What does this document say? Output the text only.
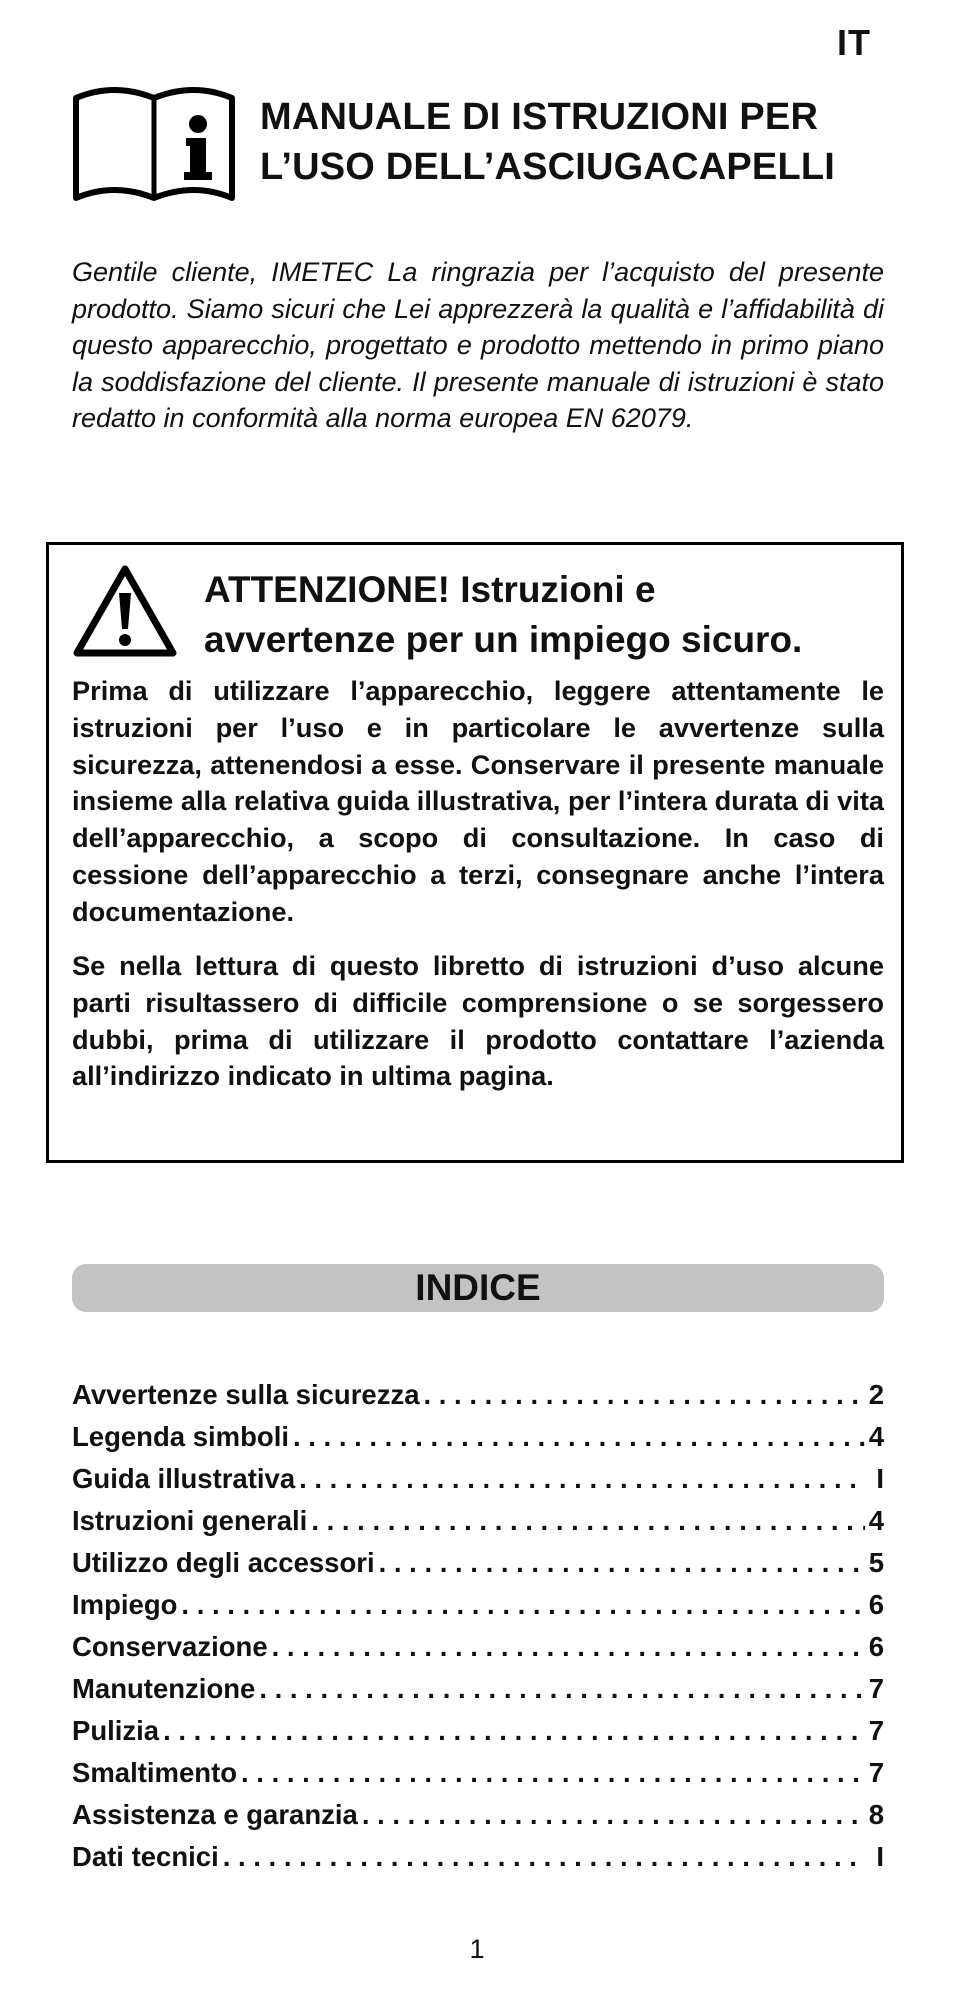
IT
MANUALE DI ISTRUZIONI PER
L’USO DELL’ASCIUGACAPELLI

Gentile cliente, IMETEC La ringrazia per l’acquisto del presente prodotto. Siamo sicuri che Lei apprezzerà la qualità e l’affidabilità di questo apparecchio, progettato e prodotto mettendo in primo piano la soddisfazione del cliente. Il presente manuale di istruzioni è stato redatto in conformità alla norma europea EN 62079.

ATTENZIONE! Istruzioni e
avvertenze per un impiego sicuro.

Prima di utilizzare l’apparecchio, leggere attentamente le istruzioni per l’uso e in particolare le avvertenze sulla sicurezza, attenendosi a esse. Conservare il presente manuale insieme alla relativa guida illustrativa, per l’intera durata di vita dell’apparecchio, a scopo di consultazione. In caso di cessione dell’apparecchio a terzi, consegnare anche l’intera documentazione.

Se nella lettura di questo libretto di istruzioni d’uso alcune parti risultassero di difficile comprensione o se sorgessero dubbi, prima di utilizzare il prodotto contattare l’azienda all’indirizzo indicato in ultima pagina.

INDICE
Avvertenze sulla sicurezza . . .	2
Legenda simboli . . .	4
Guida illustrativa . . .	I
Istruzioni generali . . .	4
Utilizzo degli accessori . . .	5
Impiego . . .	6
Conservazione . . .	6
Manutenzione . . .	7
Pulizia . . .	7
Smaltimento . . .	7
Assistenza e garanzia . . .	8
Dati tecnici . . .	I
1
